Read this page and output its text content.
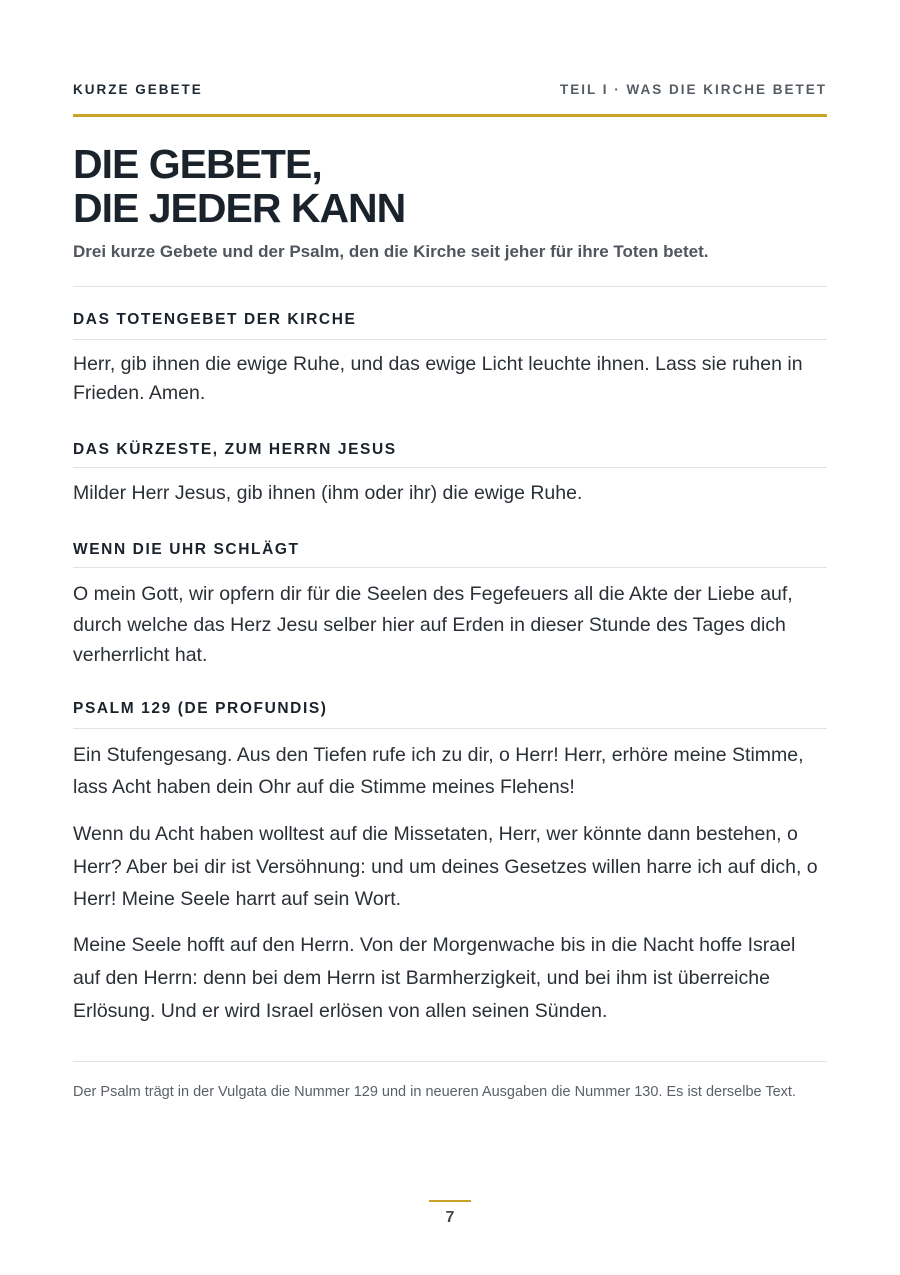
KURZE GEBETE	TEIL I · WAS DIE KIRCHE BETET
DIE GEBETE,
DIE JEDER KANN

Drei kurze Gebete und der Psalm, den die Kirche seit jeher für ihre Toten betet.

DAS TOTENGEBET DER KIRCHE

Herr, gib ihnen die ewige Ruhe, und das ewige Licht leuchte ihnen. Lass sie ruhen in Frieden. Amen.

DAS KÜRZESTE, ZUM HERRN JESUS

Milder Herr Jesus, gib ihnen (ihm oder ihr) die ewige Ruhe.

WENN DIE UHR SCHLÄGT

O mein Gott, wir opfern dir für die Seelen des Fegefeuers all die Akte der Liebe auf, durch welche das Herz Jesu selber hier auf Erden in dieser Stunde des Tages dich verherrlicht hat.

PSALM 129 (DE PROFUNDIS)

Ein Stufengesang. Aus den Tiefen rufe ich zu dir, o Herr! Herr, erhöre meine Stimme, lass Acht haben dein Ohr auf die Stimme meines Flehens!

Wenn du Acht haben wolltest auf die Missetaten, Herr, wer könnte dann bestehen, o Herr? Aber bei dir ist Versöhnung: und um deines Gesetzes willen harre ich auf dich, o Herr! Meine Seele harrt auf sein Wort.

Meine Seele hofft auf den Herrn. Von der Morgenwache bis in die Nacht hoffe Israel auf den Herrn: denn bei dem Herrn ist Barmherzigkeit, und bei ihm ist überreiche Erlösung. Und er wird Israel erlösen von allen seinen Sünden.

Der Psalm trägt in der Vulgata die Nummer 129 und in neueren Ausgaben die Nummer 130. Es ist derselbe Text.

7
